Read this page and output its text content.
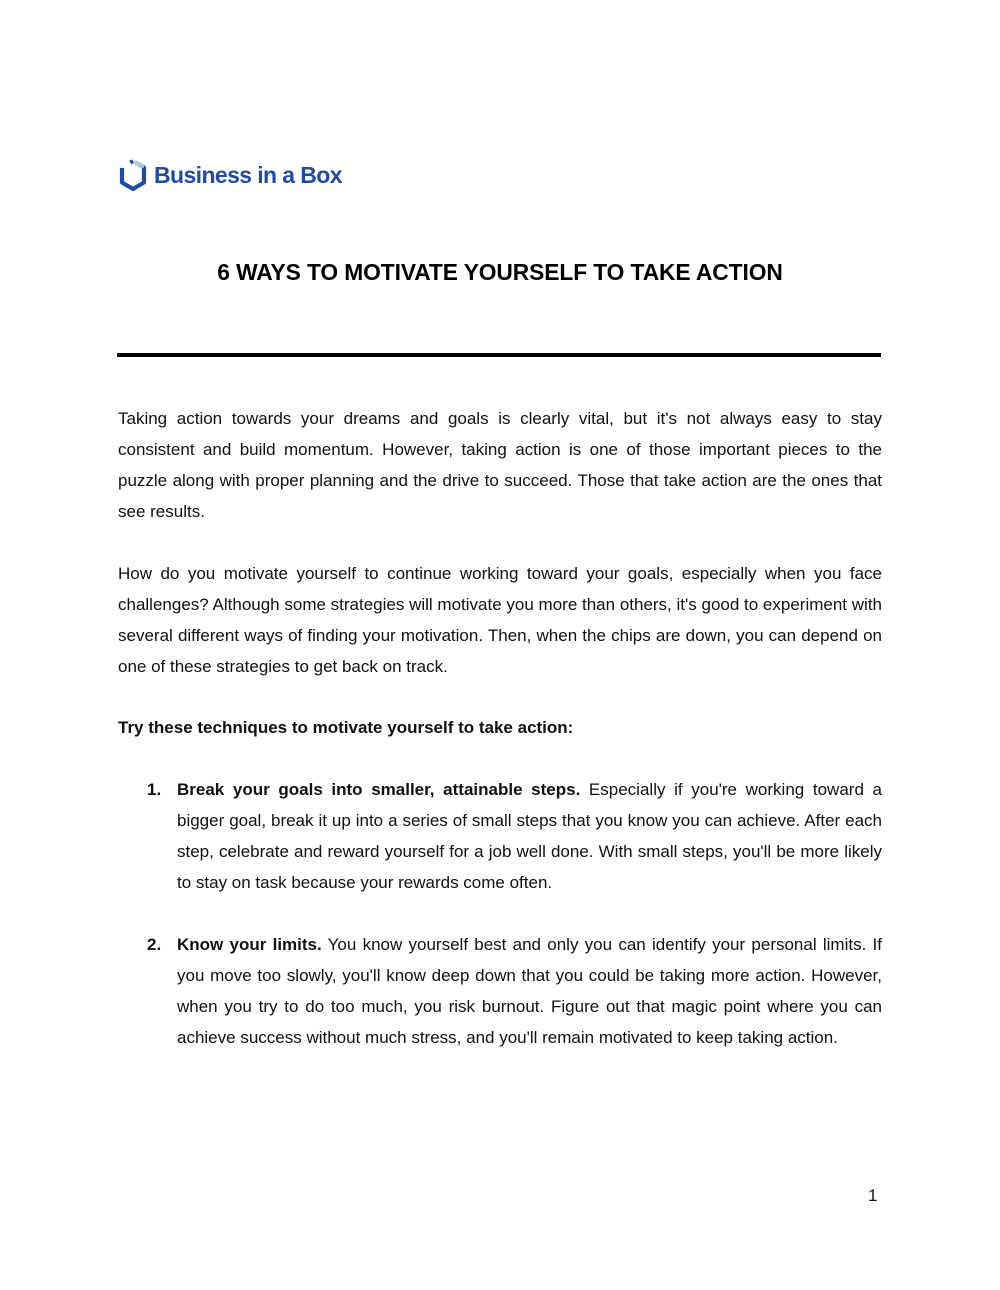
Business in a Box
6 WAYS TO MOTIVATE YOURSELF TO TAKE ACTION
Taking action towards your dreams and goals is clearly vital, but it's not always easy to stay consistent and build momentum. However, taking action is one of those important pieces to the puzzle along with proper planning and the drive to succeed. Those that take action are the ones that see results.
How do you motivate yourself to continue working toward your goals, especially when you face challenges? Although some strategies will motivate you more than others, it's good to experiment with several different ways of finding your motivation. Then, when the chips are down, you can depend on one of these strategies to get back on track.
Try these techniques to motivate yourself to take action:
1. Break your goals into smaller, attainable steps. Especially if you're working toward a bigger goal, break it up into a series of small steps that you know you can achieve. After each step, celebrate and reward yourself for a job well done. With small steps, you'll be more likely to stay on task because your rewards come often.
2. Know your limits. You know yourself best and only you can identify your personal limits. If you move too slowly, you'll know deep down that you could be taking more action. However, when you try to do too much, you risk burnout. Figure out that magic point where you can achieve success without much stress, and you'll remain motivated to keep taking action.
1
